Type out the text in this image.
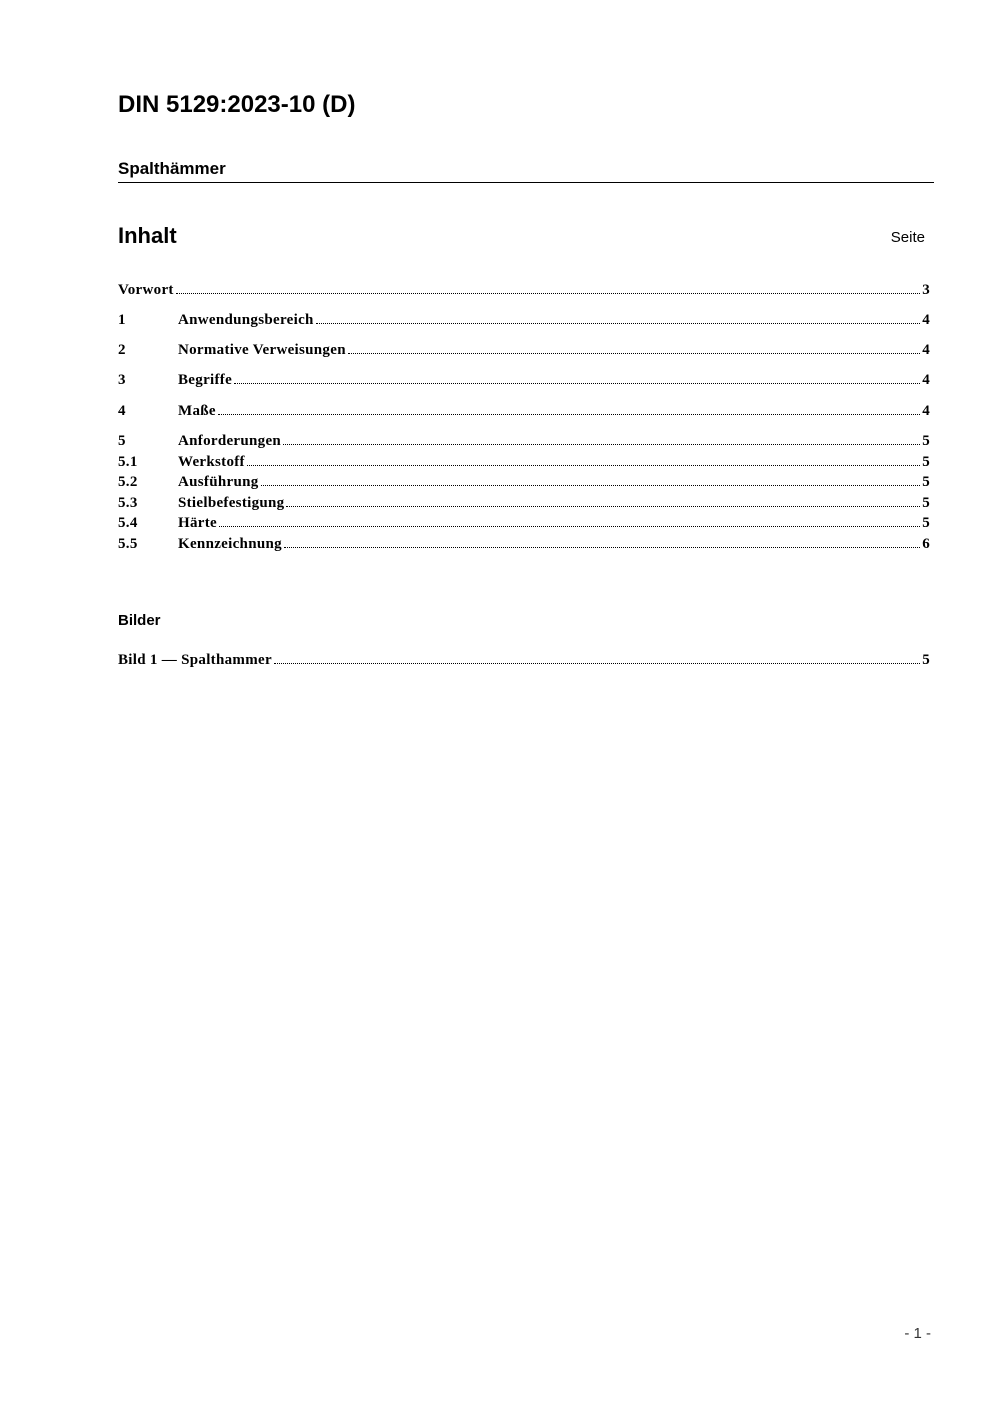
DIN 5129:2023-10 (D)
Spalthämmer
Inhalt	Seite
Vorwort	3
1	Anwendungsbereich	4
2	Normative Verweisungen	4
3	Begriffe	4
4	Maße	4
5	Anforderungen	5
5.1	Werkstoff	5
5.2	Ausführung	5
5.3	Stielbefestigung	5
5.4	Härte	5
5.5	Kennzeichnung	6
Bilder
Bild 1 — Spalthammer	5
- 1 -
